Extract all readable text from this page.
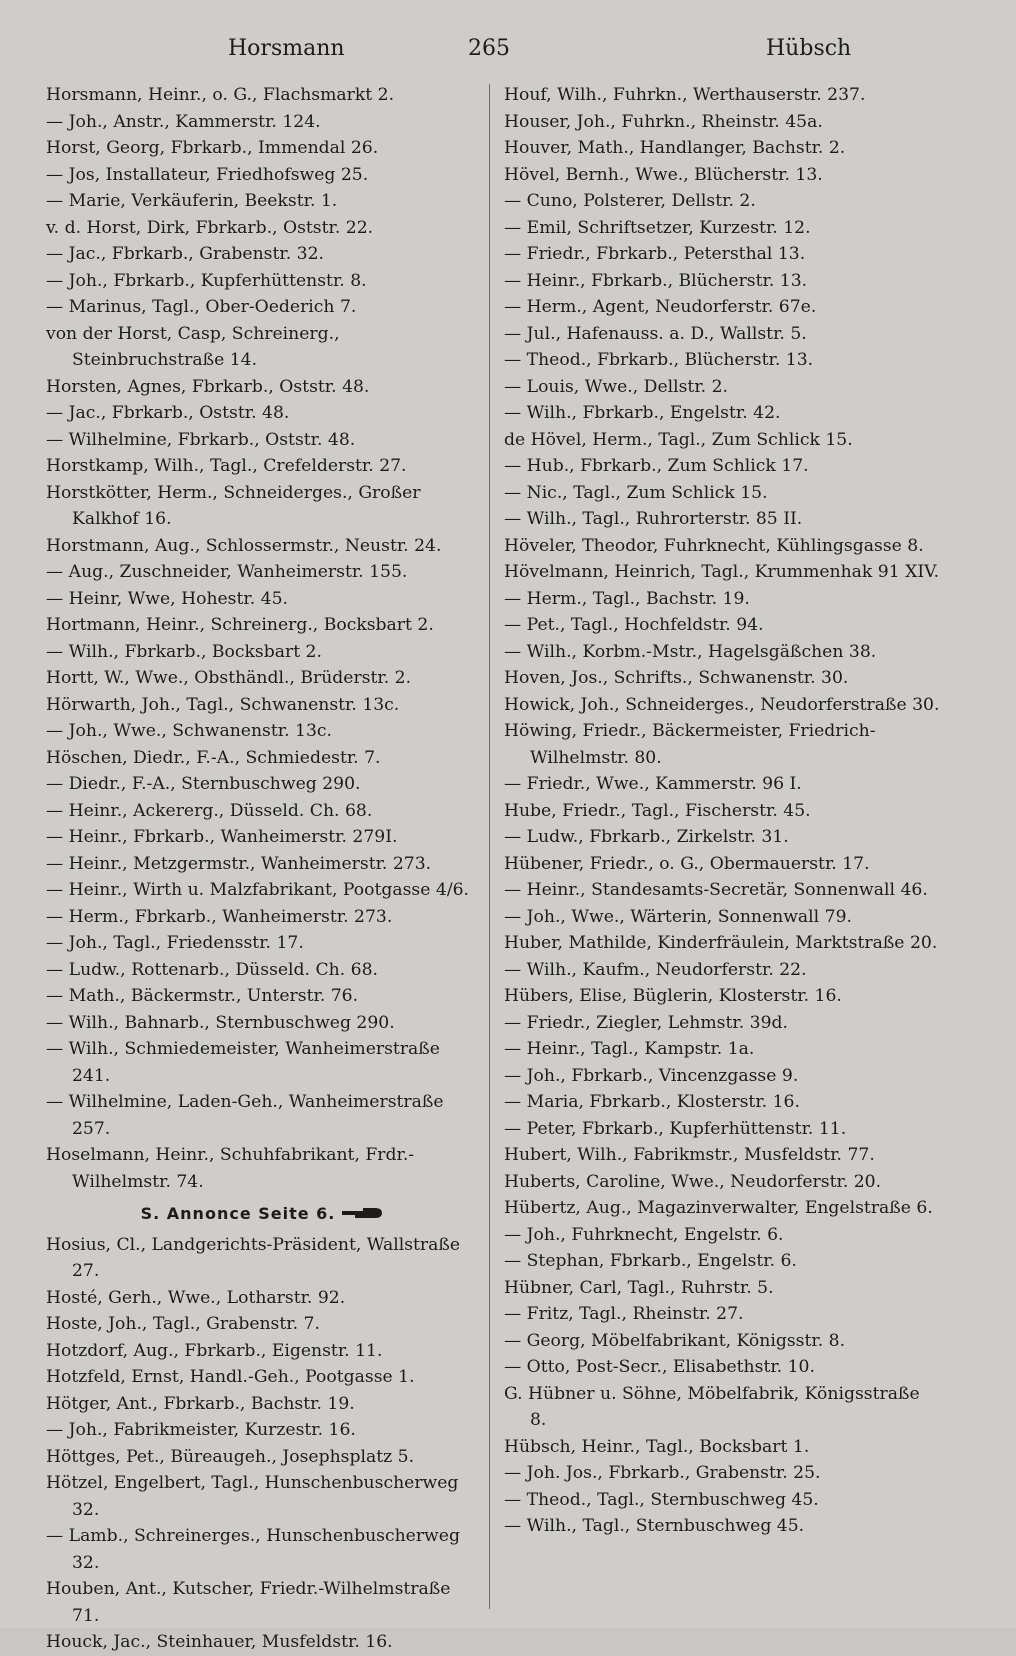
Horsmann	265	Hübsch

Horsmann, Heinr., o. G., Flachsmarkt 2.

— Joh., Anstr., Kammerstr. 124.

Horst, Georg, Fbrkarb., Immendal 26.

— Jos, Installateur, Friedhofsweg 25.

— Marie, Verkäuferin, Beekstr. 1.

v. d. Horst, Dirk, Fbrkarb., Oststr. 22.

— Jac., Fbrkarb., Grabenstr. 32.

— Joh., Fbrkarb., Kupferhüttenstr. 8.

— Marinus, Tagl., Ober-Oederich 7.

von der Horst, Casp, Schreinerg., Steinbruchstraße 14.

Horsten, Agnes, Fbrkarb., Oststr. 48.

— Jac., Fbrkarb., Oststr. 48.

— Wilhelmine, Fbrkarb., Oststr. 48.

Horstkamp, Wilh., Tagl., Crefelderstr. 27.

Horstkötter, Herm., Schneiderges., Großer Kalkhof 16.

Horstmann, Aug., Schlossermstr., Neustr. 24.

— Aug., Zuschneider, Wanheimerstr. 155.

— Heinr, Wwe, Hohestr. 45.

Hortmann, Heinr., Schreinerg., Bocksbart 2.

— Wilh., Fbrkarb., Bocksbart 2.

Hortt, W., Wwe., Obsthändl., Brüderstr. 2.

Hörwarth, Joh., Tagl., Schwanenstr. 13c.

— Joh., Wwe., Schwanenstr. 13c.

Höschen, Diedr., F.-A., Schmiedestr. 7.

— Diedr., F.-A., Sternbuschweg 290.

— Heinr., Ackererg., Düsseld. Ch. 68.

— Heinr., Fbrkarb., Wanheimerstr. 279I.

— Heinr., Metzgermstr., Wanheimerstr. 273.

— Heinr., Wirth u. Malzfabrikant, Pootgasse 4/6.

— Herm., Fbrkarb., Wanheimerstr. 273.

— Joh., Tagl., Friedensstr. 17.

— Ludw., Rottenarb., Düsseld. Ch. 68.

— Math., Bäckermstr., Unterstr. 76.

— Wilh., Bahnarb., Sternbuschweg 290.

— Wilh., Schmiedemeister, Wanheimerstraße 241.

— Wilhelmine, Laden-Geh., Wanheimerstraße 257.

Hoselmann, Heinr., Schuhfabrikant, Frdr.-Wilhelmstr. 74.

S. Annonce Seite 6.

Hosius, Cl., Landgerichts-Präsident, Wallstraße 27.

Hosté, Gerh., Wwe., Lotharstr. 92.

Hoste, Joh., Tagl., Grabenstr. 7.

Hotzdorf, Aug., Fbrkarb., Eigenstr. 11.

Hotzfeld, Ernst, Handl.-Geh., Pootgasse 1.

Hötger, Ant., Fbrkarb., Bachstr. 19.

— Joh., Fabrikmeister, Kurzestr. 16.

Höttges, Pet., Büreaugeh., Josephsplatz 5.

Hötzel, Engelbert, Tagl., Hunschenbuscherweg 32.

— Lamb., Schreinerges., Hunschenbuscherweg 32.

Houben, Ant., Kutscher, Friedr.-Wilhelmstraße 71.

Houck, Jac., Steinhauer, Musfeldstr. 16.

Houf, Wilh., Fuhrkn., Werthauserstr. 237.

Houser, Joh., Fuhrkn., Rheinstr. 45a.

Houver, Math., Handlanger, Bachstr. 2.

Hövel, Bernh., Wwe., Blücherstr. 13.

— Cuno, Polsterer, Dellstr. 2.

— Emil, Schriftsetzer, Kurzestr. 12.

— Friedr., Fbrkarb., Petersthal 13.

— Heinr., Fbrkarb., Blücherstr. 13.

— Herm., Agent, Neudorferstr. 67e.

— Jul., Hafenauss. a. D., Wallstr. 5.

— Theod., Fbrkarb., Blücherstr. 13.

— Louis, Wwe., Dellstr. 2.

— Wilh., Fbrkarb., Engelstr. 42.

de Hövel, Herm., Tagl., Zum Schlick 15.

— Hub., Fbrkarb., Zum Schlick 17.

— Nic., Tagl., Zum Schlick 15.

— Wilh., Tagl., Ruhrorterstr. 85 II.

Höveler, Theodor, Fuhrknecht, Kühlingsgasse 8.

Hövelmann, Heinrich, Tagl., Krummenhak 91 XIV.

— Herm., Tagl., Bachstr. 19.

— Pet., Tagl., Hochfeldstr. 94.

— Wilh., Korbm.-Mstr., Hagelsgäßchen 38.

Hoven, Jos., Schrifts., Schwanenstr. 30.

Howick, Joh., Schneiderges., Neudorferstraße 30.

Höwing, Friedr., Bäckermeister, Friedrich-Wilhelmstr. 80.

— Friedr., Wwe., Kammerstr. 96 I.

Hube, Friedr., Tagl., Fischerstr. 45.

— Ludw., Fbrkarb., Zirkelstr. 31.

Hübener, Friedr., o. G., Obermauerstr. 17.

— Heinr., Standesamts-Secretär, Sonnenwall 46.

— Joh., Wwe., Wärterin, Sonnenwall 79.

Huber, Mathilde, Kinderfräulein, Marktstraße 20.

— Wilh., Kaufm., Neudorferstr. 22.

Hübers, Elise, Büglerin, Klosterstr. 16.

— Friedr., Ziegler, Lehmstr. 39d.

— Heinr., Tagl., Kampstr. 1a.

— Joh., Fbrkarb., Vincenzgasse 9.

— Maria, Fbrkarb., Klosterstr. 16.

— Peter, Fbrkarb., Kupferhüttenstr. 11.

Hubert, Wilh., Fabrikmstr., Musfeldstr. 77.

Huberts, Caroline, Wwe., Neudorferstr. 20.

Hübertz, Aug., Magazinverwalter, Engelstraße 6.

— Joh., Fuhrknecht, Engelstr. 6.

— Stephan, Fbrkarb., Engelstr. 6.

Hübner, Carl, Tagl., Ruhrstr. 5.

— Fritz, Tagl., Rheinstr. 27.

— Georg, Möbelfabrikant, Königsstr. 8.

— Otto, Post-Secr., Elisabethstr. 10.

G. Hübner u. Söhne, Möbelfabrik, Königsstraße 8.

Hübsch, Heinr., Tagl., Bocksbart 1.

— Joh. Jos., Fbrkarb., Grabenstr. 25.

— Theod., Tagl., Sternbuschweg 45.

— Wilh., Tagl., Sternbuschweg 45.
